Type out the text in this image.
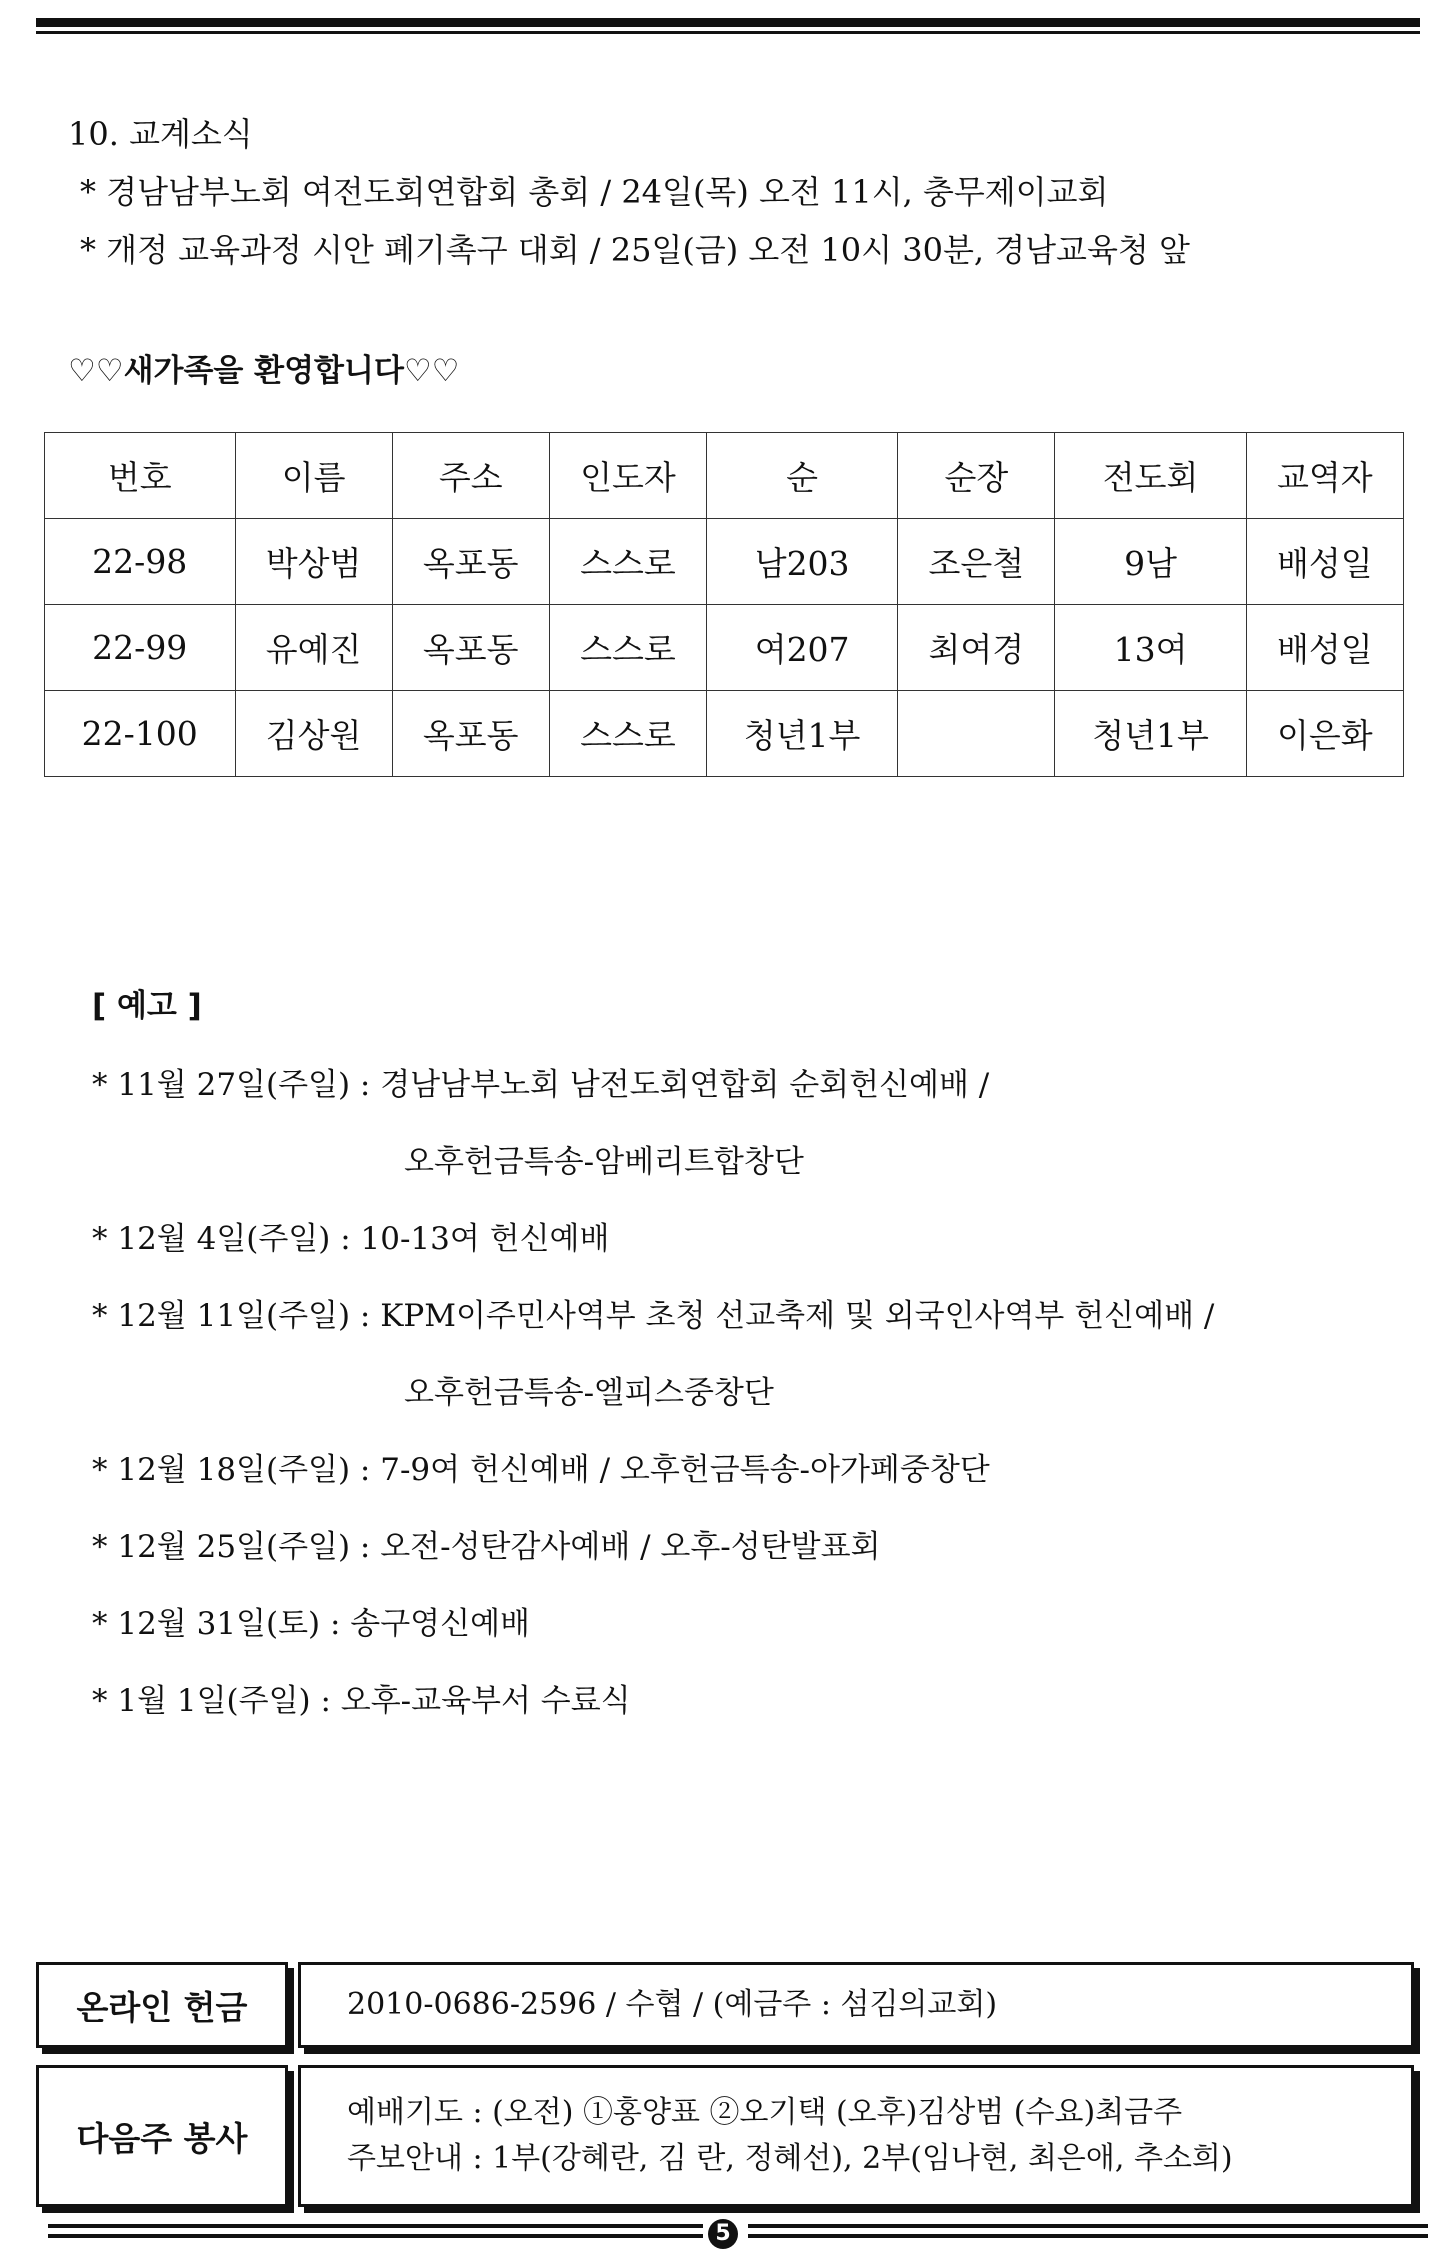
10. 교계소식
* 경남남부노회 여전도회연합회 총회 / 24일(목) 오전 11시, 충무제이교회
* 개정 교육과정 시안 폐기촉구 대회 / 25일(금) 오전 10시 30분, 경남교육청 앞
♡♡새가족을 환영합니다♡♡
번호	이름	주소	인도자	순	순장	전도회	교역자
22-98	박상범	옥포동	스스로	남203	조은철	9남	배성일
22-99	유예진	옥포동	스스로	여207	최여경	13여	배성일
22-100	김상원	옥포동	스스로	청년1부		청년1부	이은화
[ 예고 ]
* 11월 27일(주일) : 경남남부노회 남전도회연합회 순회헌신예배 /
오후헌금특송-암베리트합창단
* 12월 4일(주일) : 10-13여 헌신예배
* 12월 11일(주일) : KPM이주민사역부 초청 선교축제 및 외국인사역부 헌신예배 /
오후헌금특송-엘피스중창단
* 12월 18일(주일) : 7-9여 헌신예배 / 오후헌금특송-아가페중창단
* 12월 25일(주일) : 오전-성탄감사예배 / 오후-성탄발표회
* 12월 31일(토) : 송구영신예배
* 1월 1일(주일) : 오후-교육부서 수료식
온라인 헌금	2010-0686-2596 / 수협 / (예금주 : 섬김의교회)
다음주 봉사
예배기도 : (오전) ①홍양표 ②오기택 (오후)김상범 (수요)최금주
주보안내 : 1부(강혜란, 김 란, 정혜선), 2부(임나현, 최은애, 추소희)
5
